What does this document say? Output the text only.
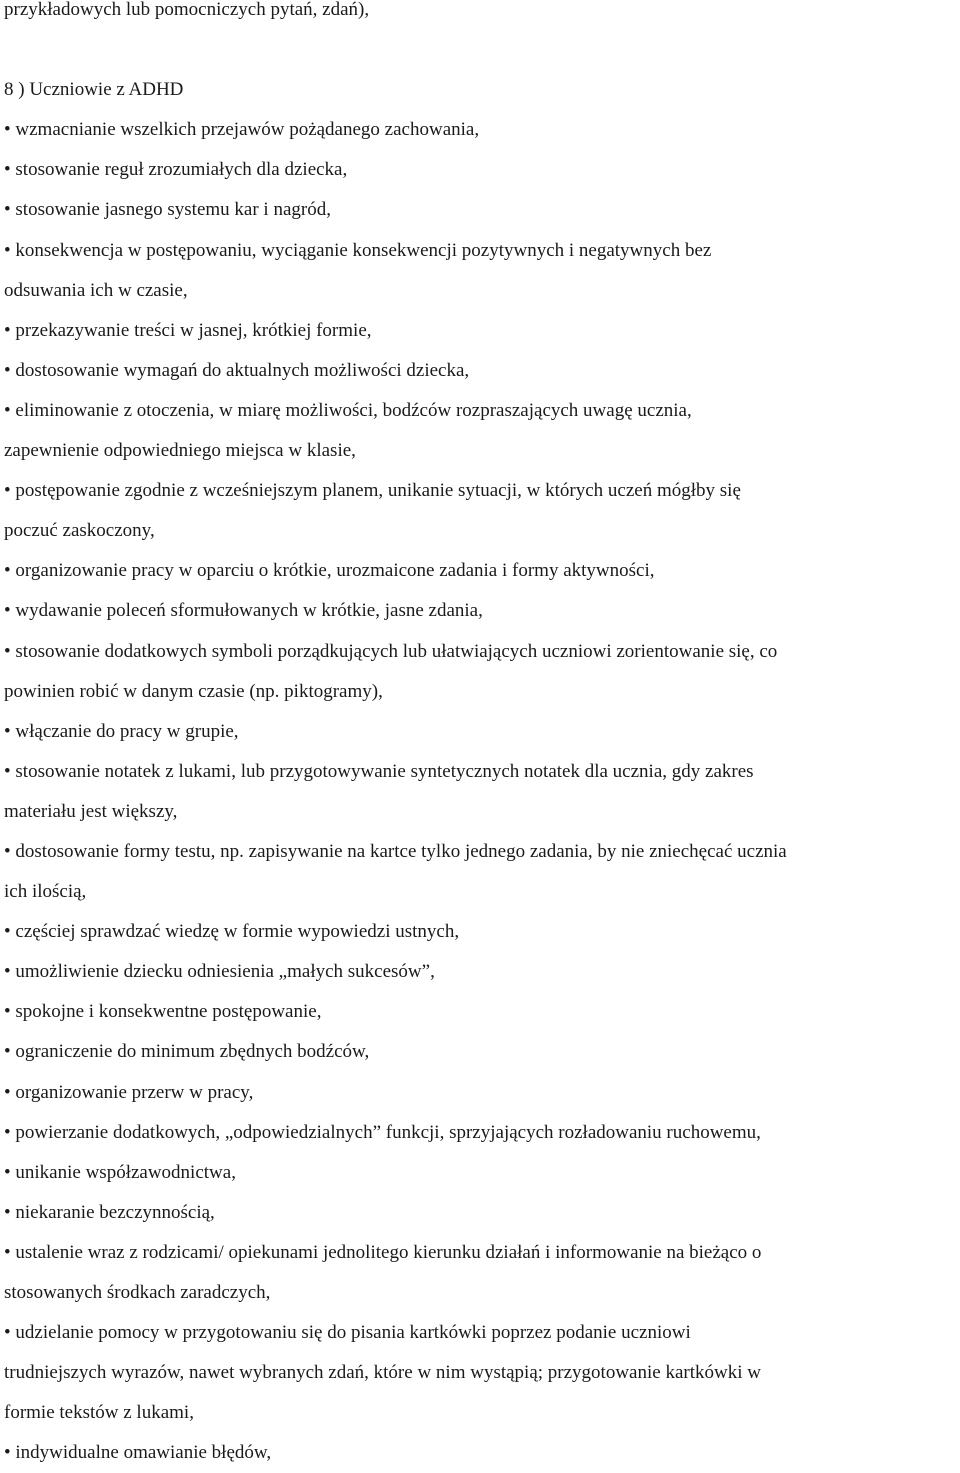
przykładowych lub pomocniczych pytań, zdań),
8 ) Uczniowie z ADHD
• wzmacnianie wszelkich przejawów pożądanego zachowania,
• stosowanie reguł zrozumiałych dla dziecka,
• stosowanie jasnego systemu kar i nagród,
• konsekwencja w postępowaniu, wyciąganie konsekwencji pozytywnych i negatywnych bez
odsuwania ich w czasie,
• przekazywanie treści w jasnej, krótkiej formie,
• dostosowanie wymagań do aktualnych możliwości dziecka,
• eliminowanie z otoczenia, w miarę możliwości, bodźców rozpraszających uwagę ucznia,
zapewnienie odpowiedniego miejsca w klasie,
• postępowanie zgodnie z wcześniejszym planem, unikanie sytuacji, w których uczeń mógłby się
poczuć zaskoczony,
• organizowanie pracy w oparciu o krótkie, urozmaicone zadania i formy aktywności,
• wydawanie poleceń sformułowanych w krótkie, jasne zdania,
• stosowanie dodatkowych symboli porządkujących lub ułatwiających uczniowi zorientowanie się, co
powinien robić w danym czasie (np. piktogramy),
• włączanie do pracy w grupie,
• stosowanie notatek z lukami, lub przygotowywanie syntetycznych notatek dla ucznia, gdy zakres
materiału jest większy,
• dostosowanie formy testu, np. zapisywanie na kartce tylko jednego zadania, by nie zniechęcać ucznia
ich ilością,
• częściej sprawdzać wiedzę w formie wypowiedzi ustnych,
• umożliwienie dziecku odniesienia „małych sukcesów”,
• spokojne i konsekwentne postępowanie,
• ograniczenie do minimum zbędnych bodźców,
• organizowanie przerw w pracy,
• powierzanie dodatkowych, „odpowiedzialnych” funkcji, sprzyjających rozładowaniu ruchowemu,
• unikanie współzawodnictwa,
• niekaranie bezczynnością,
• ustalenie wraz z rodzicami/ opiekunami jednolitego kierunku działań i informowanie na bieżąco o
stosowanych środkach zaradczych,
• udzielanie pomocy w przygotowaniu się do pisania kartkówki poprzez podanie uczniowi
trudniejszych wyrazów, nawet wybranych zdań, które w nim wystąpią; przygotowanie kartkówki w
formie tekstów z lukami,
• indywidualne omawianie błędów,
